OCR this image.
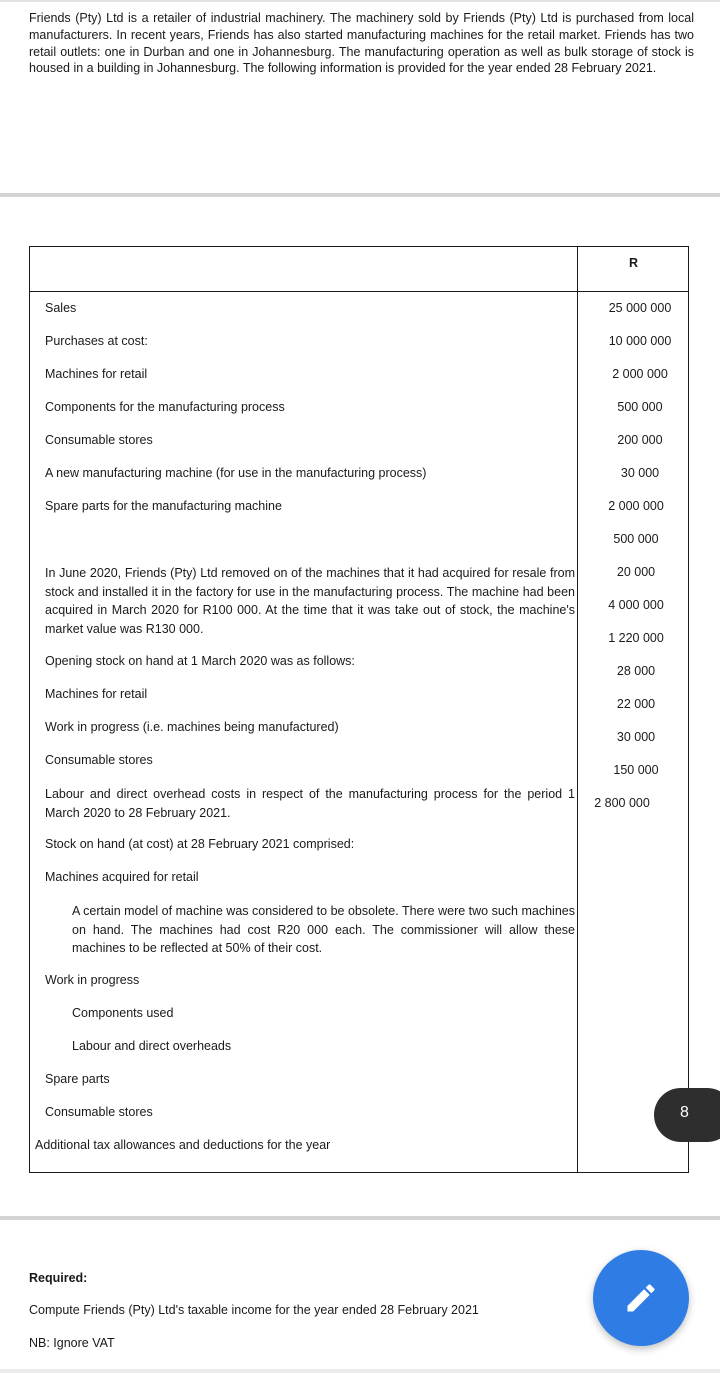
Friends (Pty) Ltd is a retailer of industrial machinery. The machinery sold by Friends (Pty) Ltd is purchased from local manufacturers. In recent years, Friends has also started manufacturing machines for the retail market. Friends has two retail outlets: one in Durban and one in Johannesburg. The manufacturing operation as well as bulk storage of stock is housed in a building in Johannesburg. The following information is provided for the year ended 28 February 2021.
R
Sales
Purchases at cost:
Machines for retail
Components for the manufacturing process
Consumable stores
A new manufacturing machine (for use in the manufacturing process)
Spare parts for the manufacturing machine
In June 2020, Friends (Pty) Ltd removed on of the machines that it had acquired for resale from stock and installed it in the factory for use in the manufacturing process. The machine had been acquired in March 2020 for R100 000. At the time that it was take out of stock, the machine's market value was R130 000.
Opening stock on hand at 1 March 2020 was as follows:
Machines for retail
Work in progress (i.e. machines being manufactured)
Consumable stores
Labour and direct overhead costs in respect of the manufacturing process for the period 1 March 2020 to 28 February 2021.
Stock on hand (at cost) at 28 February 2021 comprised:
Machines acquired for retail
A certain model of machine was considered to be obsolete. There were two such machines on hand. The machines had cost R20 000 each. The commissioner will allow these machines to be reflected at 50% of their cost.
Work in progress
Components used
Labour and direct overheads
Spare parts
Consumable stores
Additional tax allowances and deductions for the year
25 000 000
10 000 000
2 000 000
500 000
200 000
30 000
2 000 000
500 000
20 000
4 000 000
1 220 000
28 000
22 000
30 000
150 000
2 800 000
8
Required:
Compute Friends (Pty) Ltd's taxable income for the year ended 28 February 2021
NB: Ignore VAT
